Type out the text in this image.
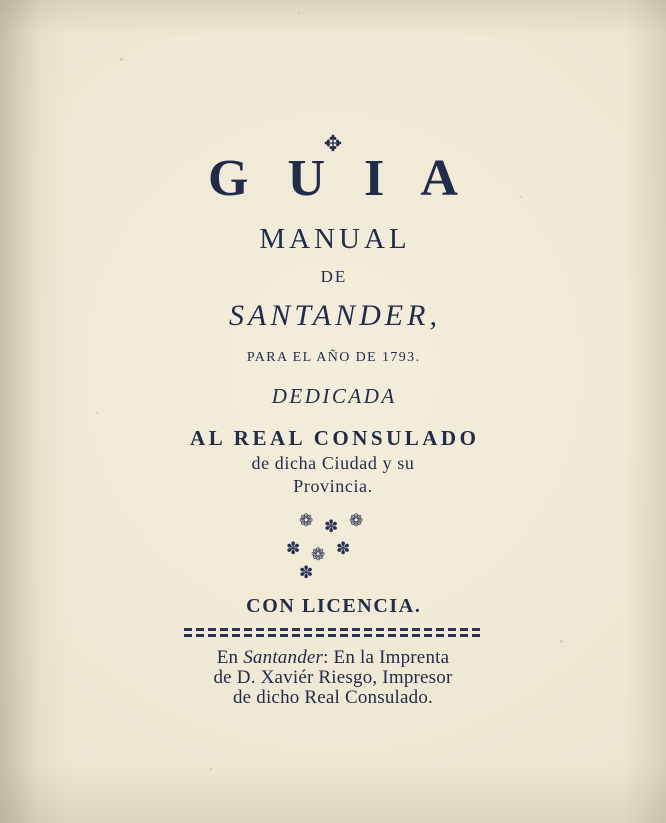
✥
G U I A
MANUAL
DE
SANTANDER,
PARA EL AÑO DE 1793.
DEDICADA
AL REAL CONSULADO
de dicha Ciudad y su
Provincia.
❁ ✽ ❁
✽ ❁ ✽
✽
CON LICENCIA.
En Santander: En la Imprenta
de D. Xaviér Riesgo, Impresor
de dicho Real Consulado.
